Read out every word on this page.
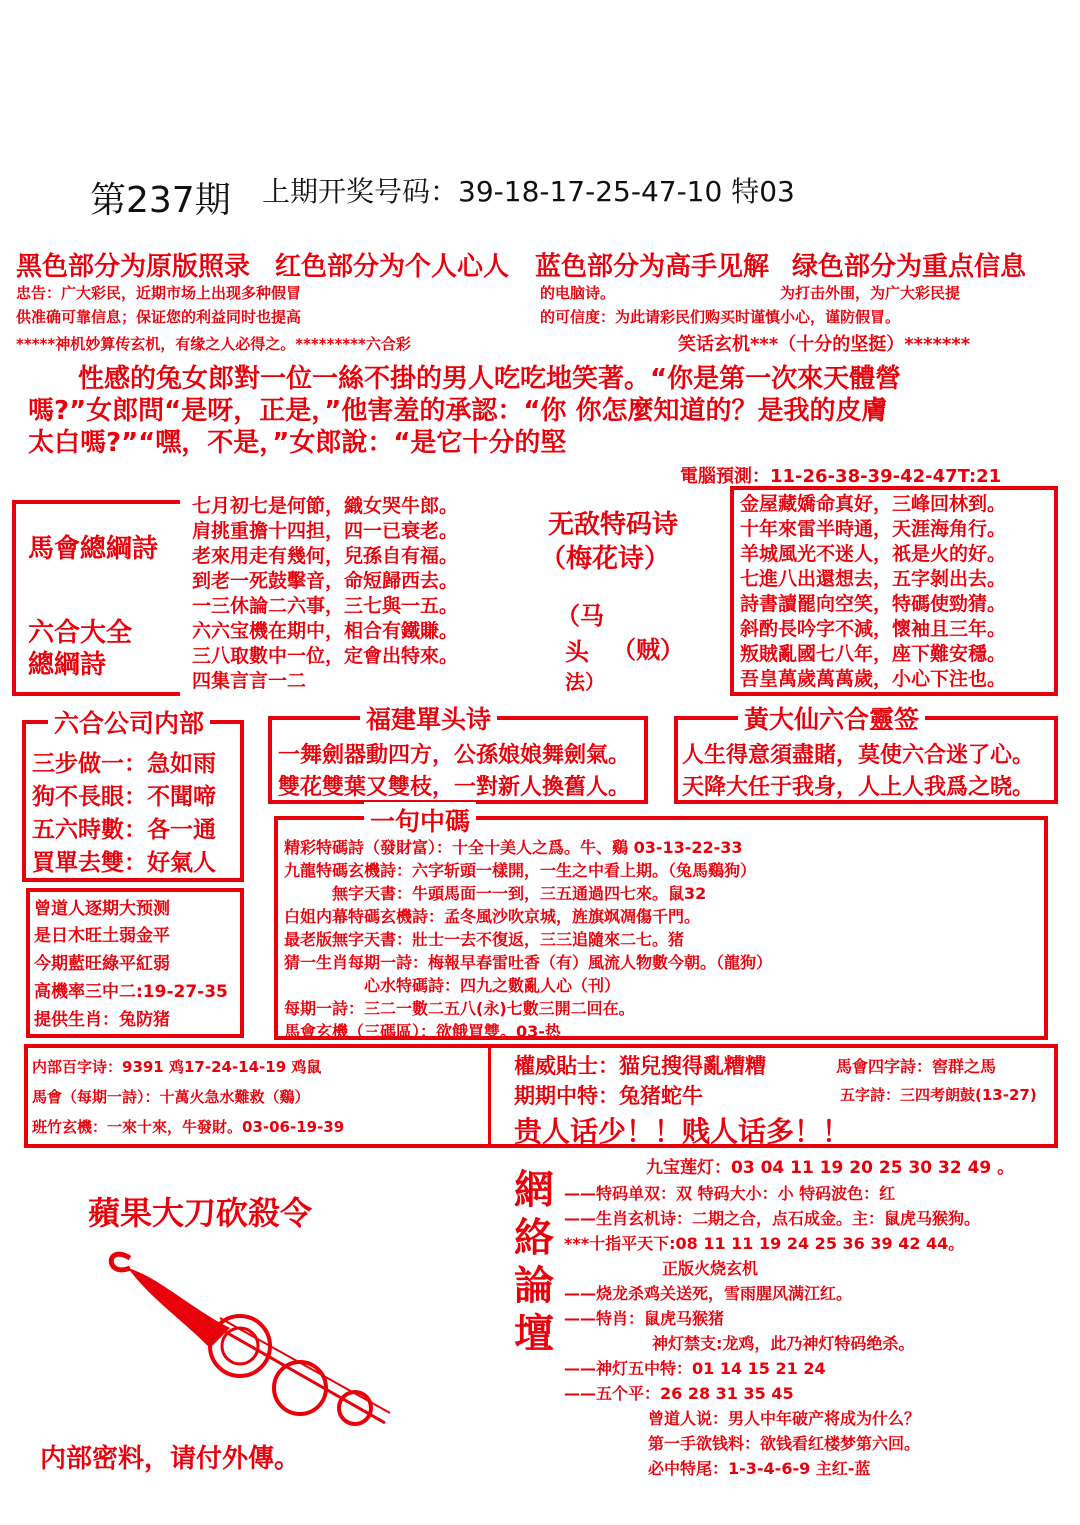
第237期 上期开奖号码：39-18-17-25-47-10 特03
黑色部分为原版照录 红色部分为个人心人 蓝色部分为高手见解 绿色部分为重点信息
忠告：广大彩民，近期市场上出现多种假冒
供准确可靠信息；保证您的利益同时也提高
的电脑诗。	为打击外围，为广大彩民提
的可信度：为此请彩民们购买时谨慎小心，谨防假冒。
*****神机妙算传玄机，有缘之人必得之。*********六合彩	笑话玄机***（十分的坚挺）*******
性感的兔女郎對一位一絲不掛的男人吃吃地笑著。“你是第一次來天體營
嗎?”女郎問“是呀，正是，”他害羞的承認：“你 你怎麼知道的？是我的皮膚
太白嗎?”“嘿，不是，”女郎說：“是它十分的堅
電腦預測：11-26-38-39-42-47T:21
馬會總綱詩
六合大全
總綱詩
七月初七是何節，織女哭牛郎。
肩挑重擔十四担，四一已衰老。
老來用走有幾何，兒孫自有福。
到老一死鼓擊音，命短歸西去。
一三休論二六事，三七與一五。
六六宝機在期中，相合有鐵賺。
三八取數中一位，定會出特來。
四集言言一二
无敌特码诗
（梅花诗）
（马
头 （贼）
法）
金屋藏嬌命真好，三峰回林到。
十年來雷半時通，天涯海角行。
羊城風光不迷人，祇是火的好。
七進八出還想去，五字剝出去。
詩書讀罷向空笑，特碼使勁猜。
斜酌長吟字不減，懷袖且三年。
叛賊亂國七八年，座下難安穩。
吾皇萬歲萬萬歲，小心下注也。
六合公司内部
三步做一：急如雨
狗不長眼：不聞啼
五六時數：各一通
買單去雙：好氣人
福建單头诗
一舞劍器動四方，公孫娘娘舞劍氣。
雙花雙葉又雙枝，一對新人換舊人。
黃大仙六合靈签
人生得意須盡賭，莫使六合迷了心。
天降大任于我身，人上人我爲之晓。
曾道人逐期大预测
是日木旺土弱金平
今期藍旺綠平紅弱
高機率三中二:19-27-35
提供生肖：兔防猪
一句中碼
精彩特碼詩（發財富）：十全十美人之爲。牛、鷄 03-13-22-33
九龍特碼玄機詩：六字斩頭一樣開，一生之中看上期。（兔馬鷄狗）
　　　無字天書：牛頭馬面一一到，三五通過四七來。鼠32
白姐内幕特碼玄機詩：孟冬風沙吹京城，旌旗飒凋傷千門。
最老版無字天書：壯士一去不復返，三三追隨來二七。猪
猜一生肖每期一詩：梅報早春雷吐香（有）風流人物數今朝。（龍狗）
　　　　　心水特碼詩：四九之數亂人心（刊）
每期一詩：三二一數二五八(永)七數三開二回在。
馬會玄機（三碼區）：欲餓買雙。03-热
内部百字诗：9391 鸡17-24-14-19 鸡鼠
馬會（每期一詩）：十萬火急水難救（鷄）
班竹玄機：一來十來，牛發財。03-06-19-39
權威貼士：猫兒搜得亂糟糟
期期中特：兔猪蛇牛
馬會四字詩：窖群之馬
五字詩：三四考朗鼓(13-27)
贵人话少！！贱人话多！！
蘋果大刀砍殺令
内部密料，请付外傳。
網絡論壇
九宝莲灯：03 04 11 19 20 25 30 32 49 。
——特码单双：双 特码大小：小 特码波色：红
——生肖玄机诗：二期之合，点石成金。主：鼠虎马猴狗。
***十指平天下:08 11 11 19 24 25 36 39 42 44。
　　　正版火烧玄机
——烧龙杀鸡关送死，雪雨腥风满江红。
——特肖：鼠虎马猴猪
　　　神灯禁支:龙鸡，此乃神灯特码绝杀。
——神灯五中特：01 14 15 21 24
——五个平：26 28 31 35 45
　　　曾道人说：男人中年破产将成为什么？
　　　第一手欲钱料：欲钱看红楼梦第六回。
　　　必中特尾：1-3-4-6-9 主红-蓝
